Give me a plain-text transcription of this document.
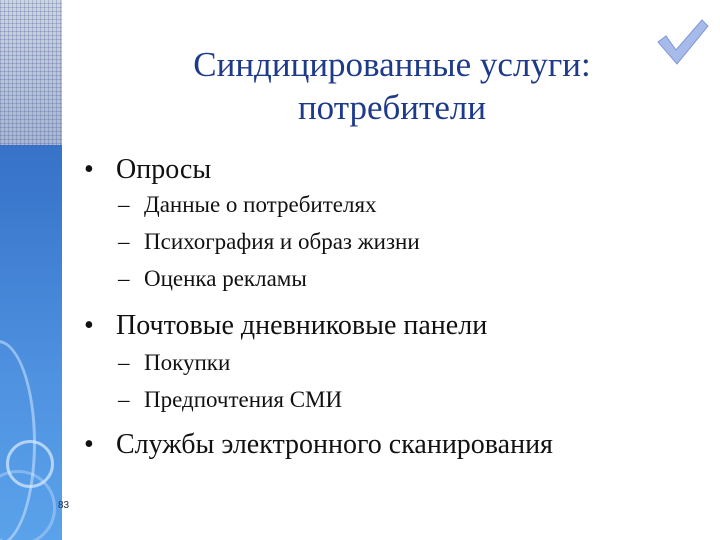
Синдицированные услуги:
потребители
• Опросы
– Данные о потребителях
– Психография и образ жизни
– Оценка рекламы
• Почтовые дневниковые панели
– Покупки
– Предпочтения СМИ
• Службы электронного сканирования
83
